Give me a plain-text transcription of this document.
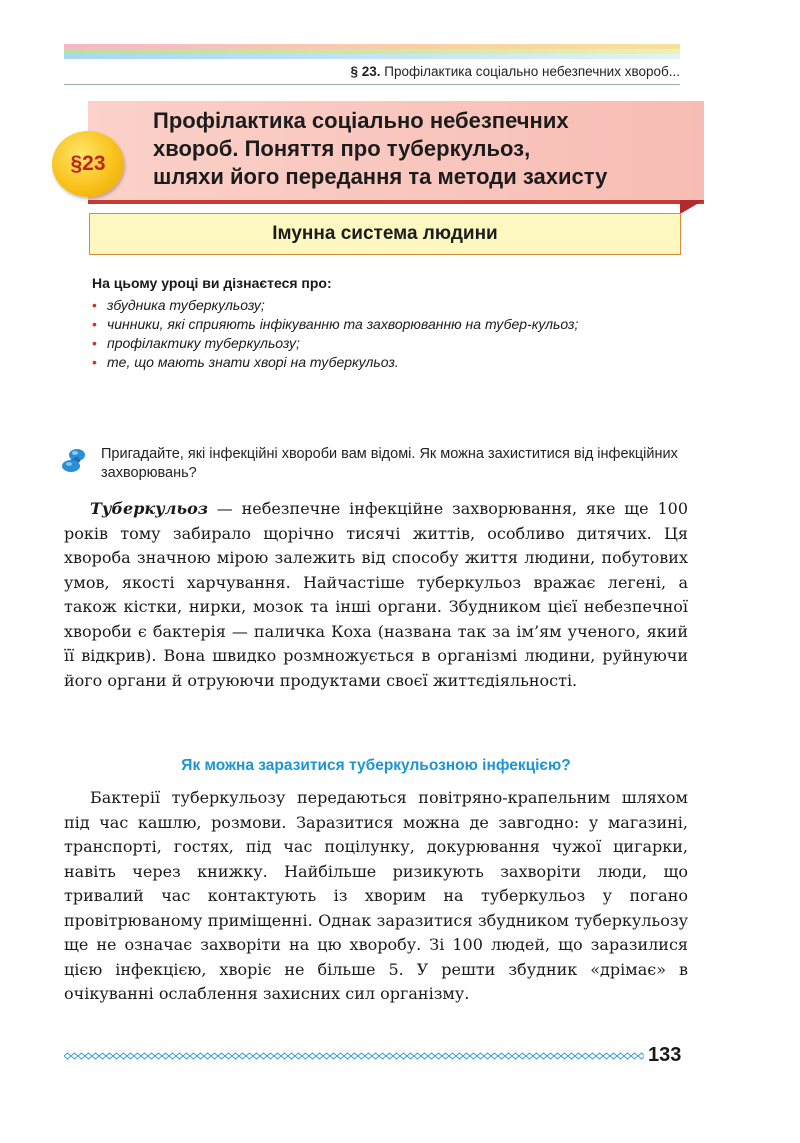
§ 23. Профілактика соціально небезпечних хвороб...
Профілактика соціально небезпечних
хвороб. Поняття про туберкульоз,
шляхи його передання та методи захисту
§23
Імунна система людини
На цьому уроці ви дізнаєтеся про:
• збудника туберкульозу;
• чинники, які сприяють інфікуванню та захворюванню на тубер-кульоз;
• профілактику туберкульозу;
• те, що мають знати хворі на туберкульоз.
Пригадайте, які інфекційні хвороби вам відомі. Як можна захиститися від інфекційних захворювань?
Туберкульоз — небезпечне інфекційне захворювання, яке ще 100 років тому забирало щорічно тисячі життів, особливо дитячих. Ця хвороба значною мірою залежить від способу життя людини, побутових умов, якості харчування. Найчастіше туберкульоз вражає легені, а також кістки, нирки, мозок та інші органи. Збудником цієї небезпечної хвороби є бактерія — паличка Коха (названа так за ім’ям ученого, який її відкрив). Вона швидко розмножується в організмі людини, руйнуючи його органи й отруюючи продуктами своєї життєдіяльності.
Як можна заразитися туберкульозною інфекцією?
Бактерії туберкульозу передаються повітряно-крапельним шляхом під час кашлю, розмови. Заразитися можна де завгодно: у магазині, транспорті, гостях, під час поцілунку, докурювання чужої цигарки, навіть через книжку. Найбільше ризикують захворіти люди, що тривалий час контактують із хворим на туберкульоз у погано провітрюваному приміщенні. Однак заразитися збудником туберкульозу ще не означає захворіти на цю хворобу. Зі 100 людей, що заразилися цією інфекцією, хворіє не більше 5. У решти збудник «дрімає» в очікуванні ослаблення захисних сил організму.
133
